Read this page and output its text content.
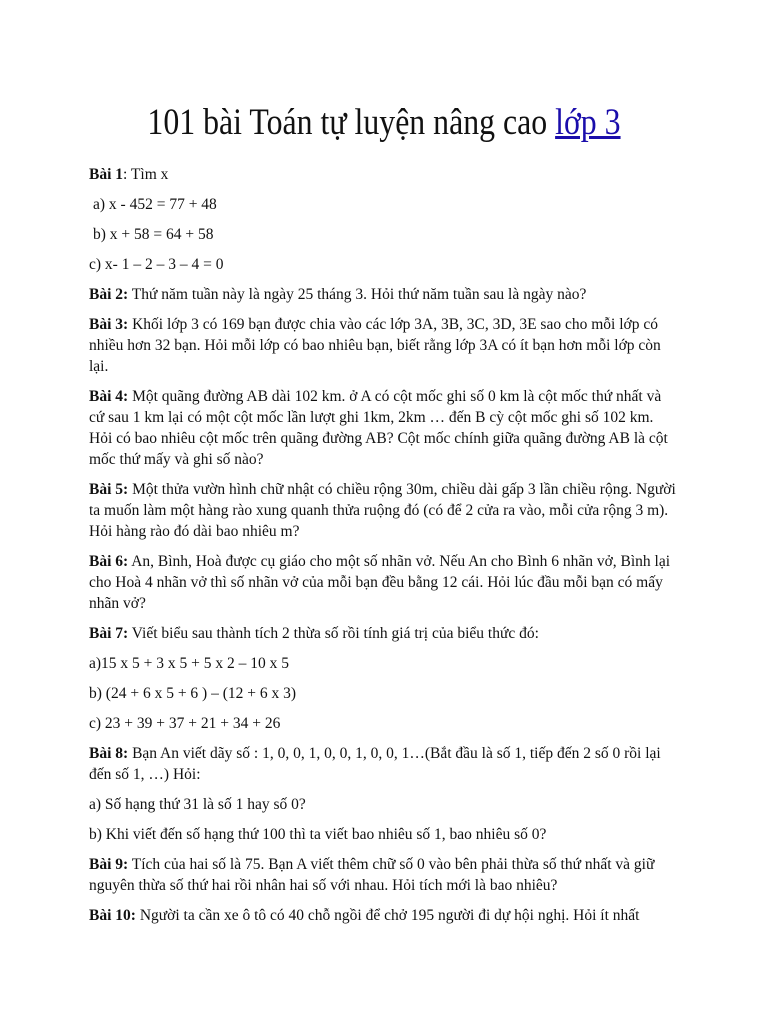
101 bài Toán tự luyện nâng cao lớp 3

Bài 1: Tìm x

a) x - 452 = 77 + 48

b) x + 58 = 64 + 58

c) x- 1 – 2 – 3 – 4 = 0

Bài 2: Thứ năm tuần này là ngày 25 tháng 3. Hỏi thứ năm tuần sau là ngày nào?

Bài 3: Khối lớp 3 có 169 bạn được chia vào các lớp 3A, 3B, 3C, 3D, 3E sao cho mỗi lớp có nhiều hơn 32 bạn. Hỏi mỗi lớp có bao nhiêu bạn, biết rằng lớp 3A có ít bạn hơn mỗi lớp còn lại.

Bài 4: Một quãng đường AB dài 102 km. ở A có cột mốc ghi số 0 km là cột mốc thứ nhất và cứ sau 1 km lại có một cột mốc lần lượt ghi 1km, 2km … đến B cỳ cột mốc ghi số 102 km. Hỏi có bao nhiêu cột mốc trên quãng đường AB? Cột mốc chính giữa quãng đường AB là cột mốc thứ mấy và ghi số nào?

Bài 5: Một thửa vườn hình chữ nhật có chiều rộng 30m, chiều dài gấp 3 lần chiều rộng. Người ta muốn làm một hàng rào xung quanh thửa ruộng đó (có để 2 cửa ra vào, mỗi cửa rộng 3 m). Hỏi hàng rào đó dài bao nhiêu m?

Bài 6: An, Bình, Hoà được cụ giáo cho một số nhãn vở. Nếu An cho Bình 6 nhãn vở, Bình lại cho Hoà 4 nhãn vở thì số nhãn vở của mỗi bạn đều bằng 12 cái. Hỏi lúc đầu mỗi bạn có mấy nhãn vở?

Bài 7: Viết biểu sau thành tích 2 thừa số rồi tính giá trị của biểu thức đó:

a)15 x 5 + 3 x 5 + 5 x 2 – 10 x 5

b) (24 + 6 x 5 + 6 ) – (12 + 6 x 3)

c) 23 + 39 + 37 + 21 + 34 + 26

Bài 8: Bạn An viết dãy số : 1, 0, 0, 1, 0, 0, 1, 0, 0, 1…(Bắt đầu là số 1, tiếp đến 2 số 0 rồi lại đến số 1, …) Hỏi:

a) Số hạng thứ 31 là số 1 hay số 0?

b) Khi viết đến số hạng thứ 100 thì ta viết bao nhiêu số 1, bao nhiêu số 0?

Bài 9: Tích của hai số là 75. Bạn A viết thêm chữ số 0 vào bên phải thừa số thứ nhất và giữ nguyên thừa số thứ hai rồi nhân hai số với nhau. Hỏi tích mới là bao nhiêu?

Bài 10: Người ta cần xe ô tô có 40 chỗ ngồi để chở 195 người đi dự hội nghị. Hỏi ít nhất
